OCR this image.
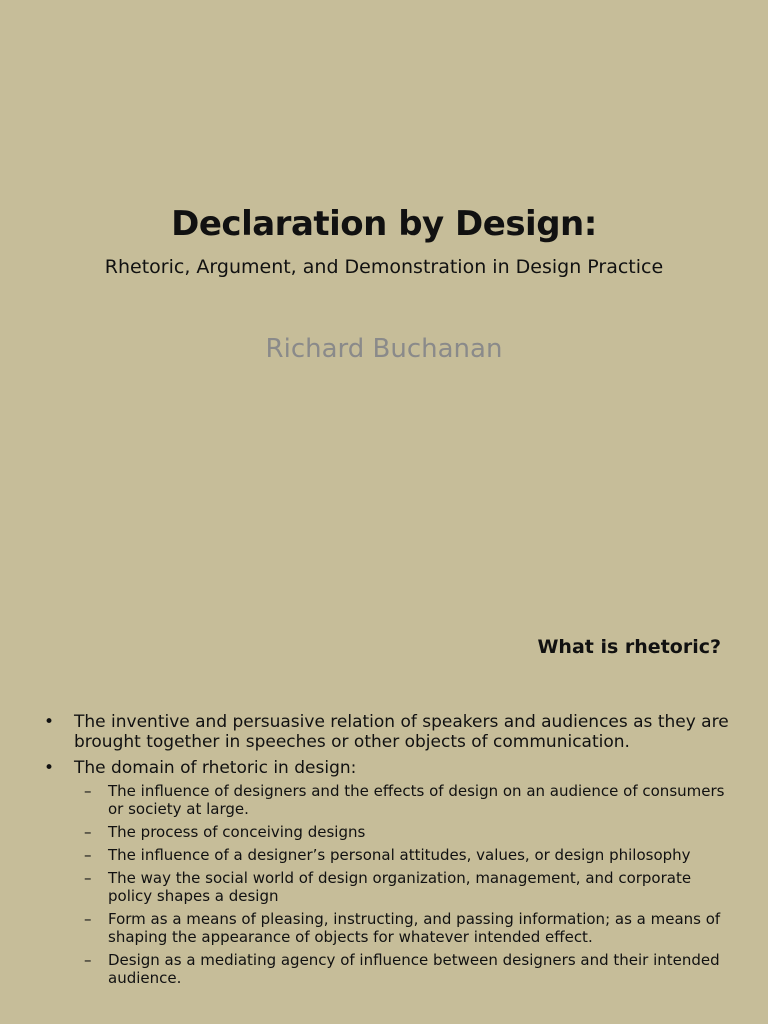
Declaration by Design:
Rhetoric, Argument, and Demonstration in Design Practice
Richard Buchanan
What is rhetoric?
• The inventive and persuasive relation of speakers and audiences as they are brought together in speeches or other objects of communication.
• The domain of rhetoric in design:
– The influence of designers and the effects of design on an audience of consumers or society at large.
– The process of conceiving designs
– The influence of a designer’s personal attitudes, values, or design philosophy
– The way the social world of design organization, management, and corporate policy shapes a design
– Form as a means of pleasing, instructing, and passing information; as a means of shaping the appearance of objects for whatever intended effect.
– Design as a mediating agency of influence between designers and their intended audience.
